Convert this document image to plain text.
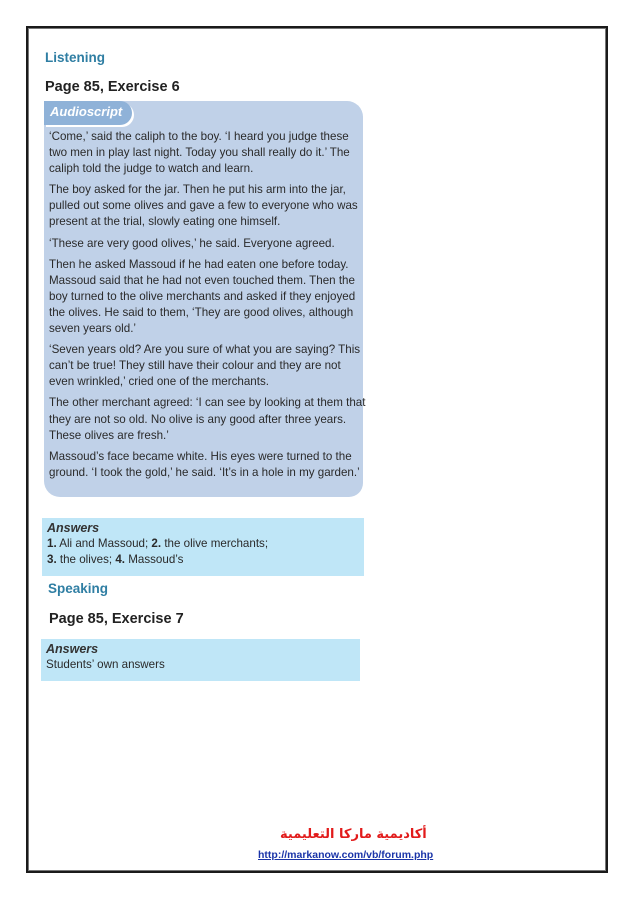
Listening
Page 85, Exercise 6
Audioscript

‘Come,’ said the caliph to the boy. ‘I heard you judge these two men in play last night. Today you shall really do it.’ The caliph told the judge to watch and learn.

The boy asked for the jar. Then he put his arm into the jar, pulled out some olives and gave a few to everyone who was present at the trial, slowly eating one himself.

‘These are very good olives,’ he said. Everyone agreed.

Then he asked Massoud if he had eaten one before today. Massoud said that he had not even touched them. Then the boy turned to the olive merchants and asked if they enjoyed the olives. He said to them, ‘They are good olives, although seven years old.’

‘Seven years old? Are you sure of what you are saying? This can’t be true! They still have their colour and they are not even wrinkled,’ cried one of the merchants.

The other merchant agreed: ‘I can see by looking at them that they are not so old. No olive is any good after three years. These olives are fresh.’

Massoud’s face became white. His eyes were turned to the ground. ‘I took the gold,’ he said. ‘It’s in a hole in my garden.’

Answers
1. Ali and Massoud; 2. the olive merchants;
3. the olives; 4. Massoud’s
Speaking
Page 85, Exercise 7
Answers
Students’ own answers
أكاديمية ماركا التعليمية
http://markanow.com/vb/forum.php
